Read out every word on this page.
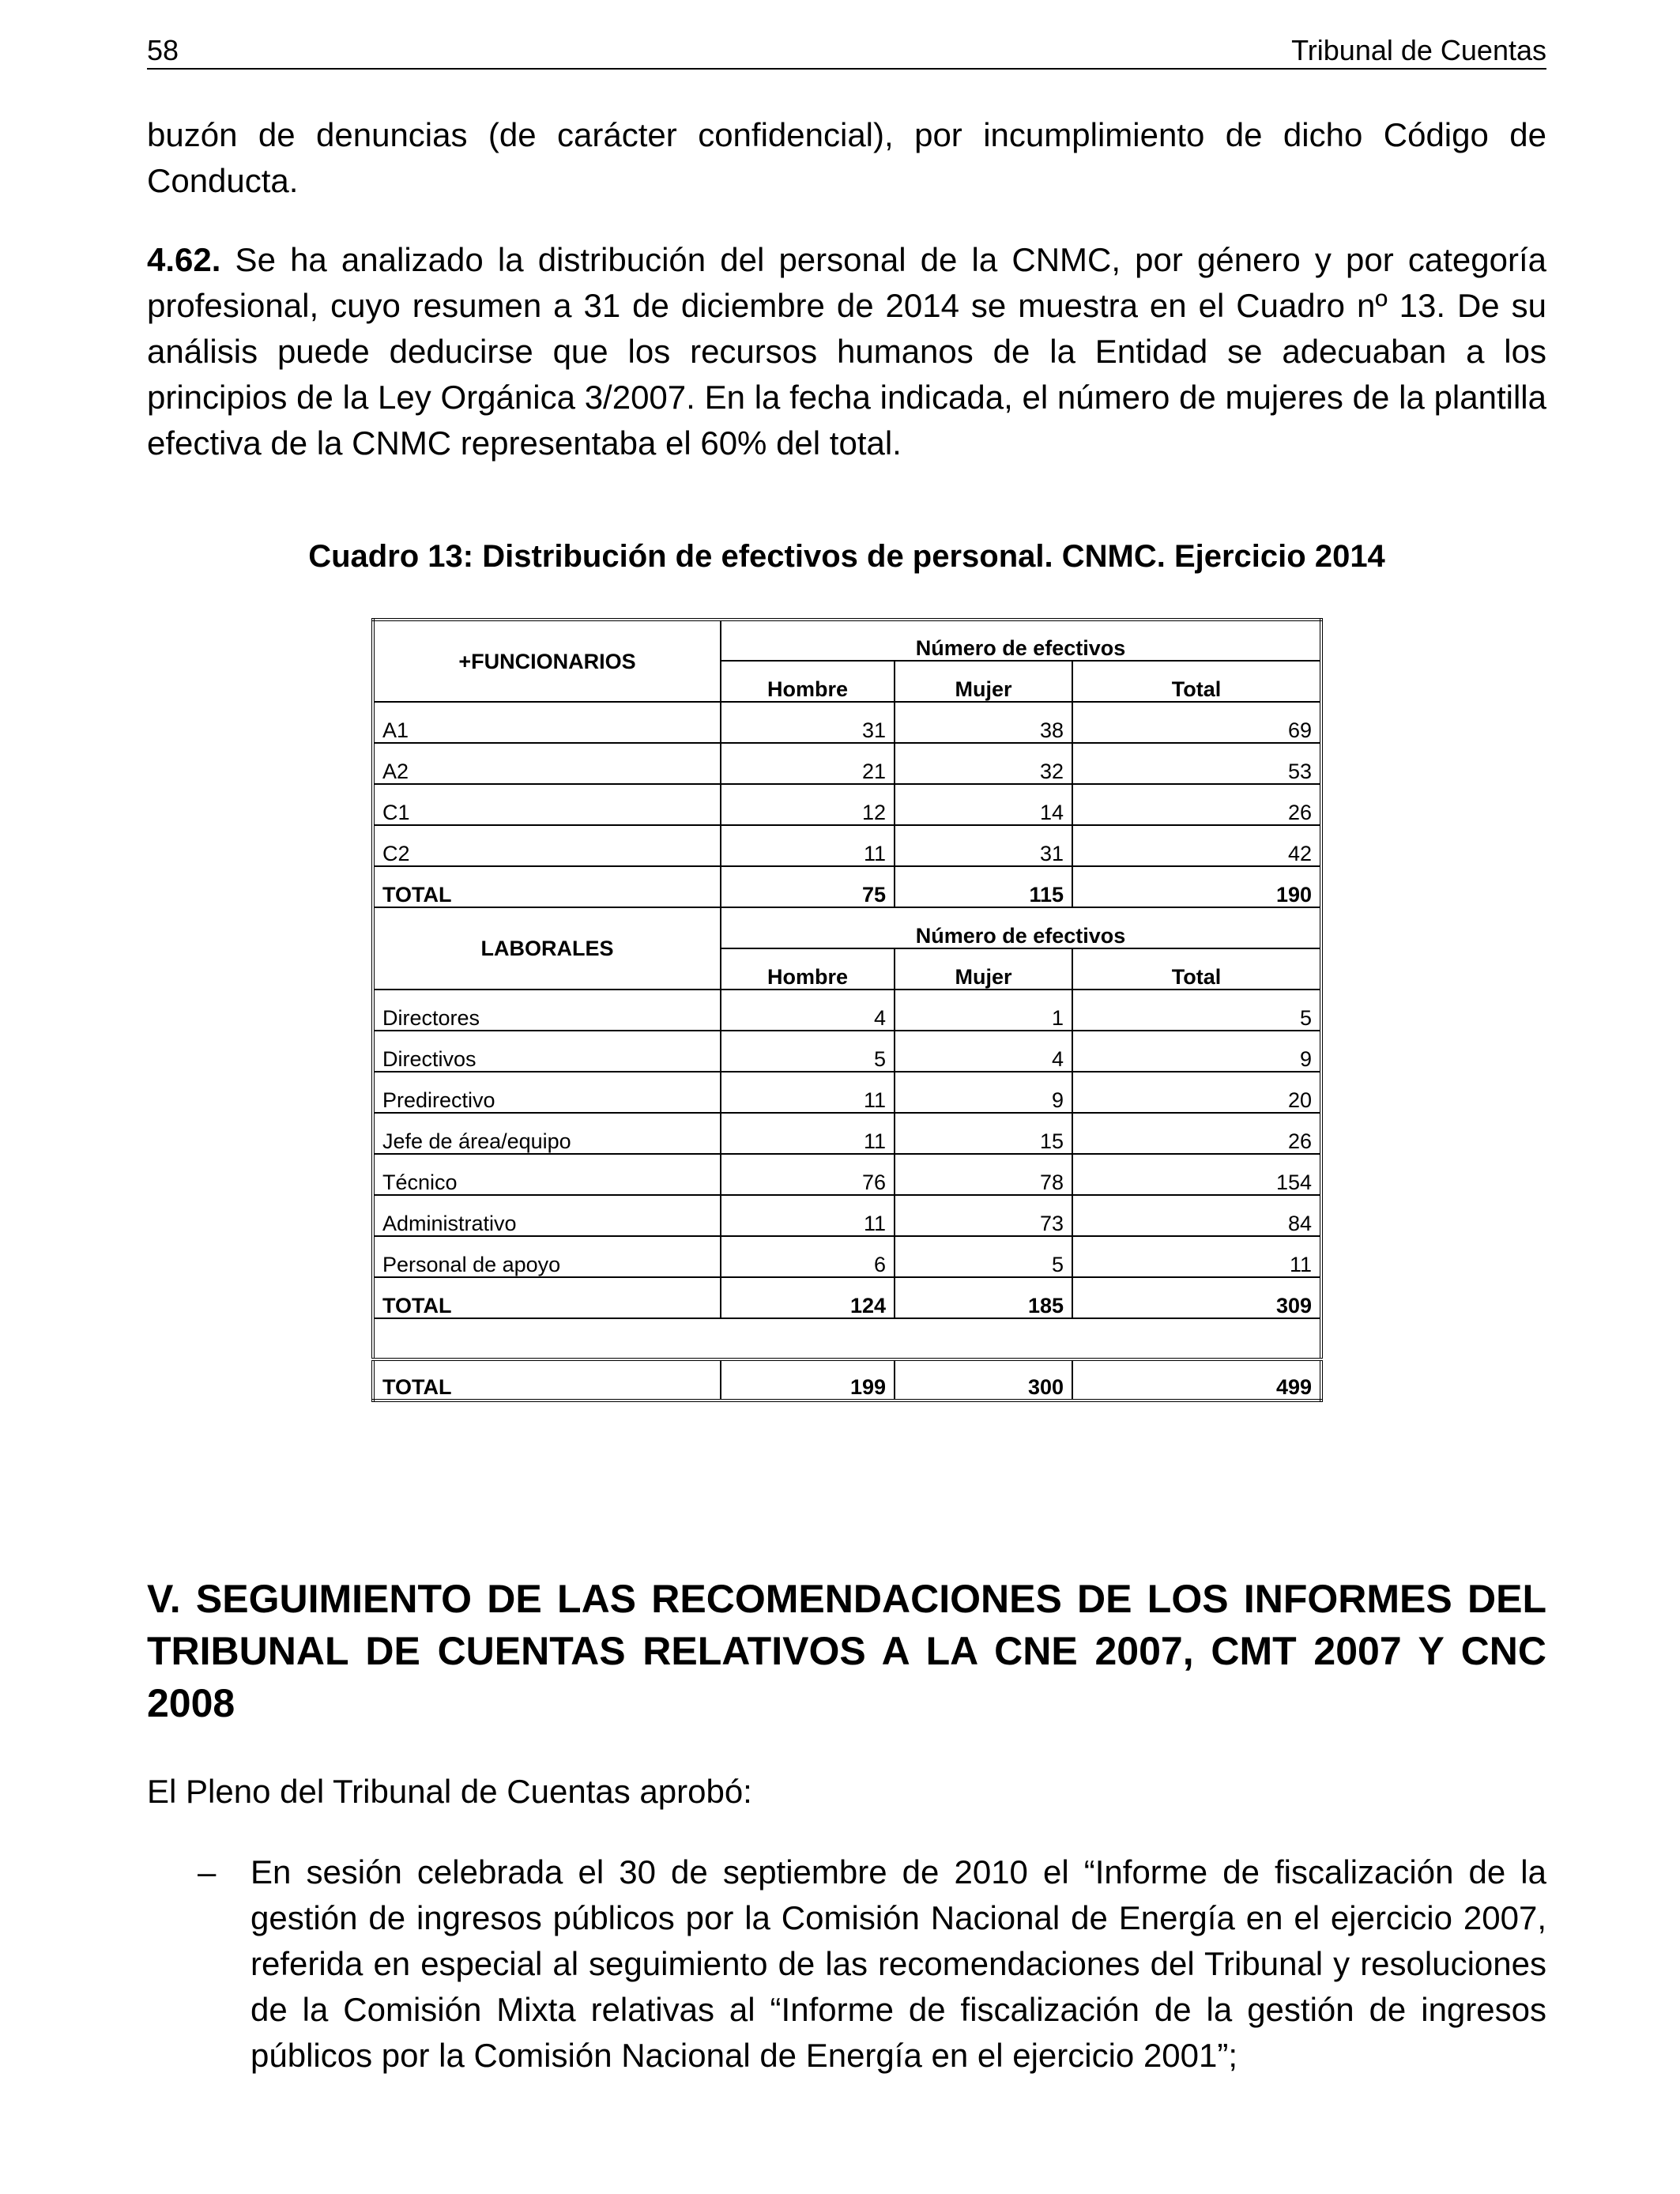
58	Tribunal de Cuentas
buzón de denuncias (de carácter confidencial), por incumplimiento de dicho Código de Conducta.
4.62. Se ha analizado la distribución del personal de la CNMC, por género y por categoría profesional, cuyo resumen a 31 de diciembre de 2014 se muestra en el Cuadro nº 13. De su análisis puede deducirse que los recursos humanos de la Entidad se adecuaban a los principios de la Ley Orgánica 3/2007. En la fecha indicada, el número de mujeres de la plantilla efectiva de la CNMC representaba el 60% del total.
Cuadro 13: Distribución de efectivos de personal. CNMC. Ejercicio 2014
+FUNCIONARIOS	Número de efectivos		
	Hombre	Mujer	Total
A1	31	38	69
A2	21	32	53
C1	12	14	26
C2	11	31	42
TOTAL	75	115	190
LABORALES	Número de efectivos		
	Hombre	Mujer	Total
Directores	4	1	5
Directivos	5	4	9
Predirectivo	11	9	20
Jefe de área/equipo	11	15	26
Técnico	76	78	154
Administrativo	11	73	84
Personal de apoyo	6	5	11
TOTAL	124	185	309

TOTAL	199	300	499
V. SEGUIMIENTO DE LAS RECOMENDACIONES DE LOS INFORMES DEL TRIBUNAL DE CUENTAS RELATIVOS A LA CNE 2007, CMT 2007 Y CNC 2008
El Pleno del Tribunal de Cuentas aprobó:
– En sesión celebrada el 30 de septiembre de 2010 el “Informe de fiscalización de la gestión de ingresos públicos por la Comisión Nacional de Energía en el ejercicio 2007, referida en especial al seguimiento de las recomendaciones del Tribunal y resoluciones de la Comisión Mixta relativas al “Informe de fiscalización de la gestión de ingresos públicos por la Comisión Nacional de Energía en el ejercicio 2001”;
